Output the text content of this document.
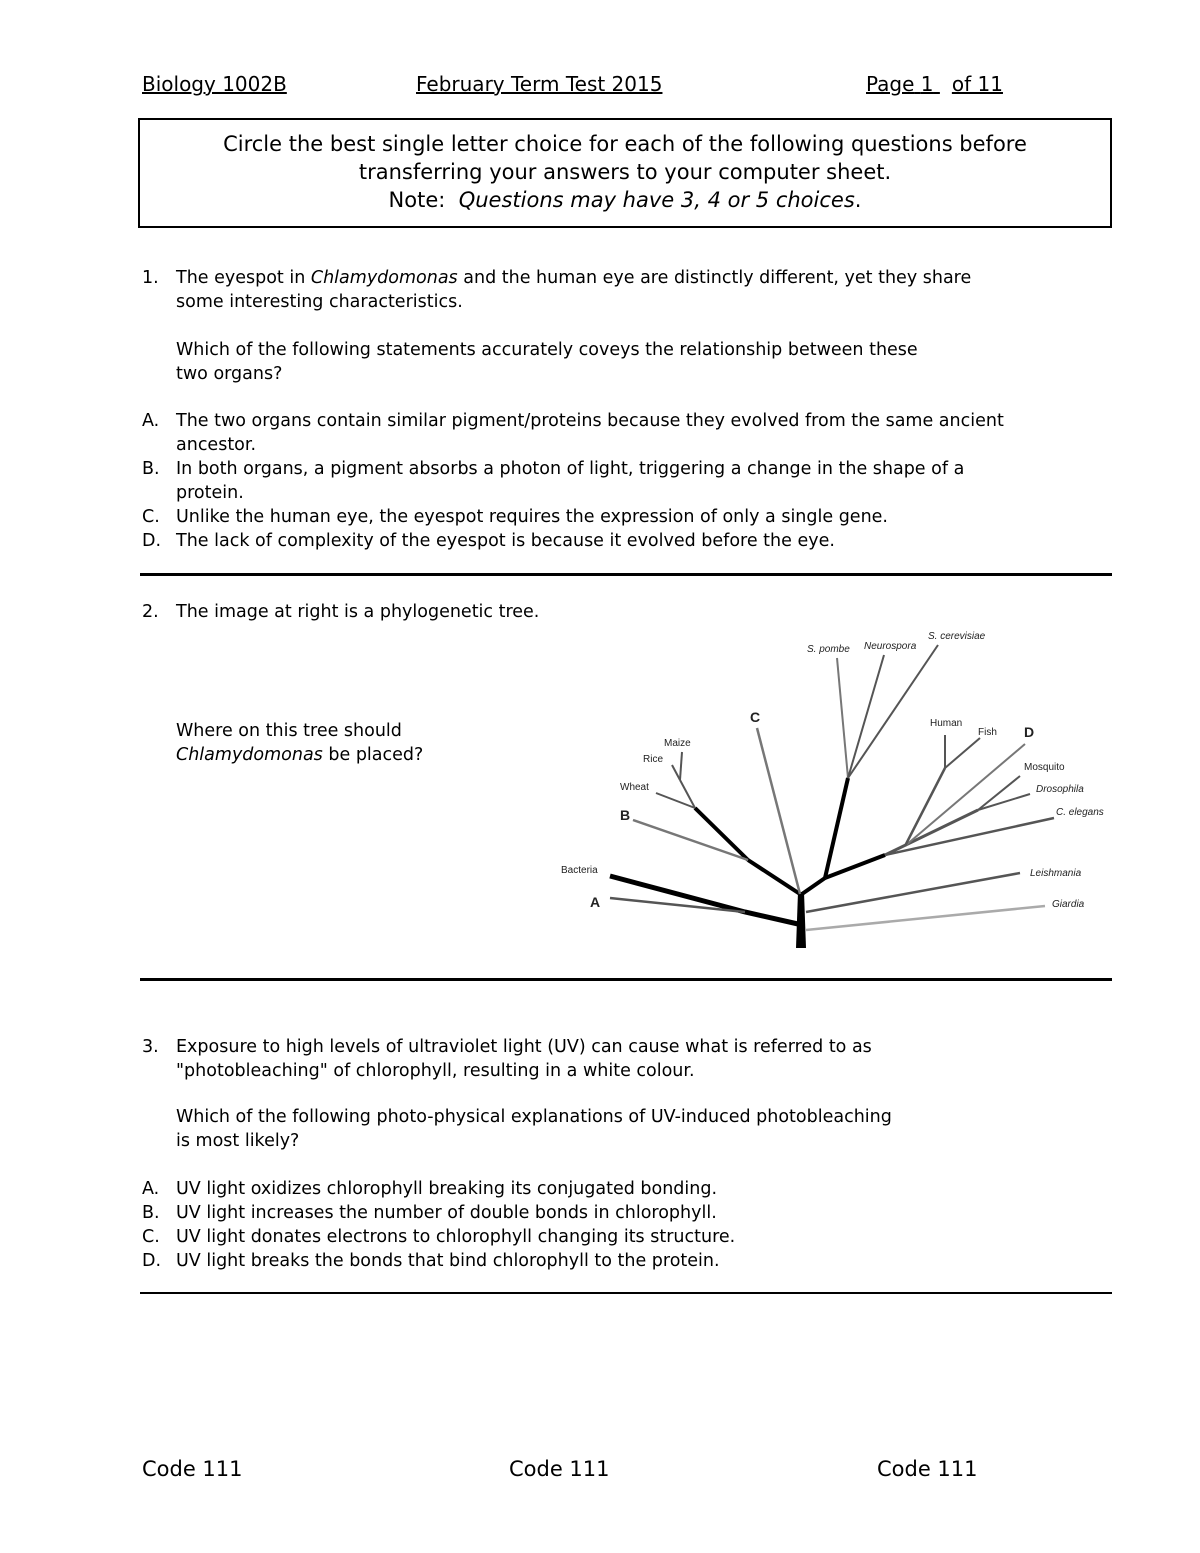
Biology 1002B	February Term Test 2015	Page 1 of 11
Circle the best single letter choice for each of the following questions before
transferring your answers to your computer sheet.
Note: Questions may have 3, 4 or 5 choices.
1. The eyespot in Chlamydomonas and the human eye are distinctly different, yet they share
some interesting characteristics.
Which of the following statements accurately coveys the relationship between these
two organs?
A. The two organs contain similar pigment/proteins because they evolved from the same ancient
ancestor.
B. In both organs, a pigment absorbs a photon of light, triggering a change in the shape of a
protein.
C. Unlike the human eye, the eyespot requires the expression of only a single gene.
D. The lack of complexity of the eyespot is because it evolved before the eye.
2. The image at right is a phylogenetic tree.
Where on this tree should
Chlamydomonas be placed?
S. pombe Neurospora
S. cerevisiae
Human
Fish D
Mosquito
Drosophila
C. elegans
Leishmania
Giardia
C
Maize
Rice
Wheat
B
Bacteria
A
3. Exposure to high levels of ultraviolet light (UV) can cause what is referred to as
"photobleaching" of chlorophyll, resulting in a white colour.
Which of the following photo-physical explanations of UV-induced photobleaching
is most likely?
A. UV light oxidizes chlorophyll breaking its conjugated bonding.
B. UV light increases the number of double bonds in chlorophyll.
C. UV light donates electrons to chlorophyll changing its structure.
D. UV light breaks the bonds that bind chlorophyll to the protein.
Code 111	Code 111	Code 111
